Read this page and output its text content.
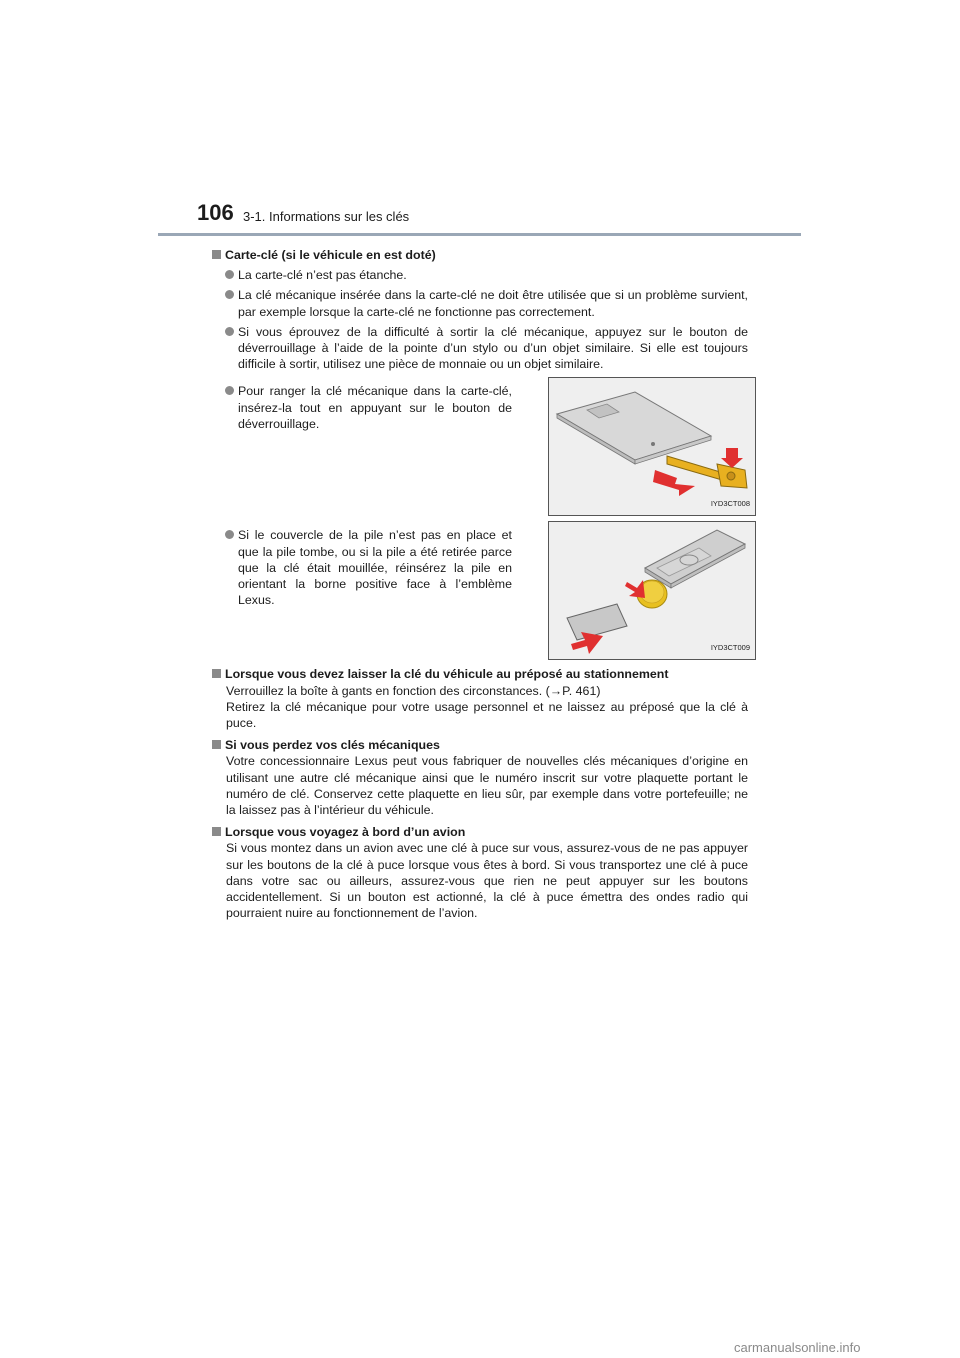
106 3-1. Informations sur les clés
Carte-clé (si le véhicule en est doté)
La carte-clé n’est pas étanche.
La clé mécanique insérée dans la carte-clé ne doit être utilisée que si un problème survient, par exemple lorsque la carte-clé ne fonctionne pas correctement.
Si vous éprouvez de la difficulté à sortir la clé mécanique, appuyez sur le bouton de déverrouillage à l’aide de la pointe d’un stylo ou d’un objet similaire. Si elle est toujours difficile à sortir, utilisez une pièce de monnaie ou un objet similaire.
Pour ranger la clé mécanique dans la carte-clé, insérez-la tout en appuyant sur le bouton de déverrouillage.
IYD3CT008
Si le couvercle de la pile n’est pas en place et que la pile tombe, ou si la pile a été retirée parce que la clé était mouillée, réinsérez la pile en orientant la borne positive face à l’emblème Lexus.
IYD3CT009
Lorsque vous devez laisser la clé du véhicule au préposé au stationnement
Verrouillez la boîte à gants en fonction des circonstances. (→P. 461)
Retirez la clé mécanique pour votre usage personnel et ne laissez au préposé que la clé à puce.
Si vous perdez vos clés mécaniques
Votre concessionnaire Lexus peut vous fabriquer de nouvelles clés mécaniques d’origine en utilisant une autre clé mécanique ainsi que le numéro inscrit sur votre plaquette portant le numéro de clé. Conservez cette plaquette en lieu sûr, par exemple dans votre portefeuille; ne la laissez pas à l’intérieur du véhicule.
Lorsque vous voyagez à bord d’un avion
Si vous montez dans un avion avec une clé à puce sur vous, assurez-vous de ne pas appuyer sur les boutons de la clé à puce lorsque vous êtes à bord. Si vous transportez une clé à puce dans votre sac ou ailleurs, assurez-vous que rien ne peut appuyer sur les boutons accidentellement. Si un bouton est actionné, la clé à puce émettra des ondes radio qui pourraient nuire au fonctionnement de l’avion.
carmanualsonline.info
